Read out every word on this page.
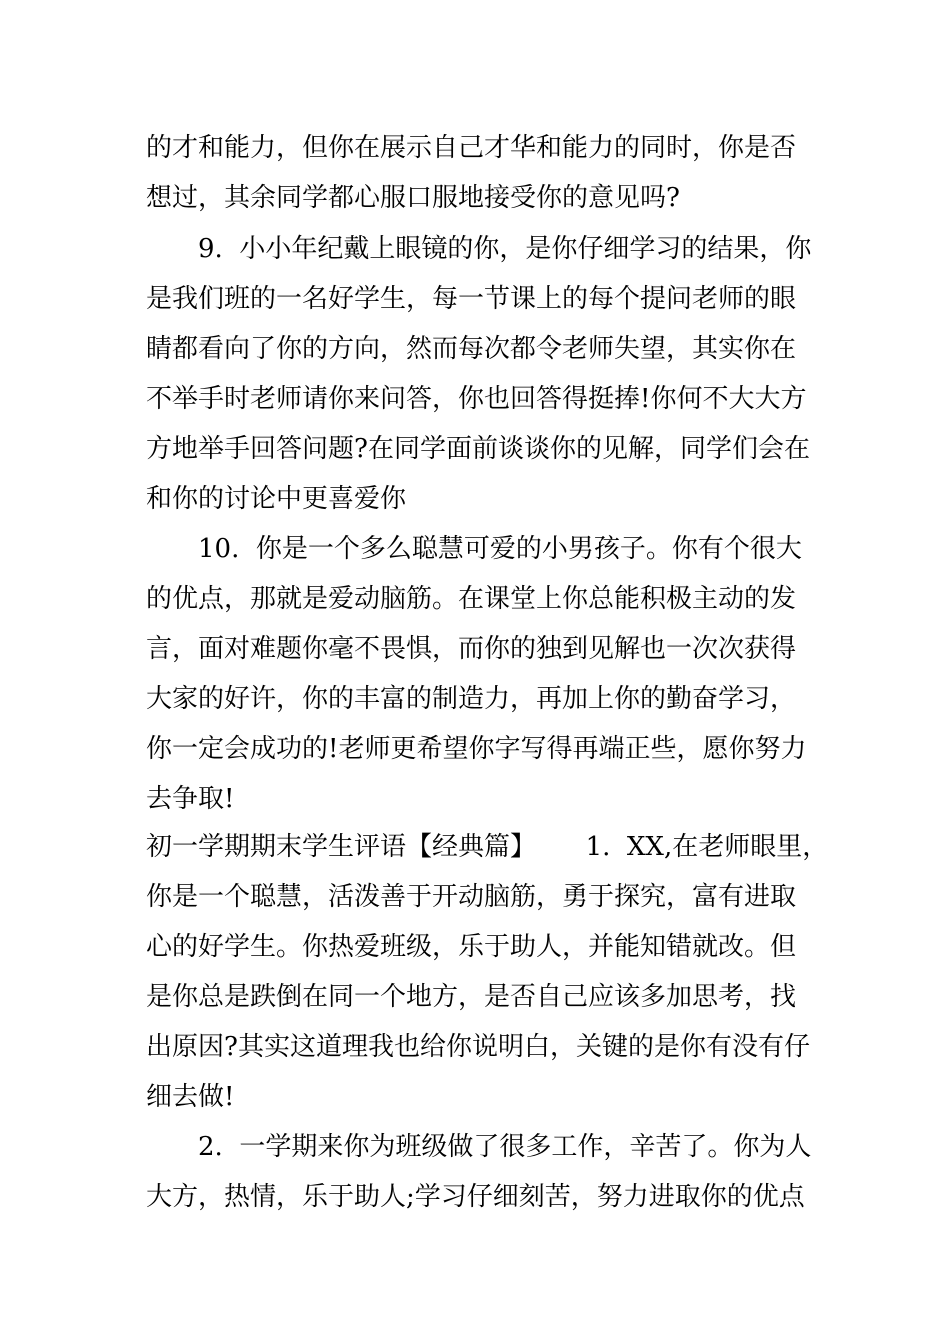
的才和能力，但你在展示自己才华和能力的同时，你是否
想过，其余同学都心服口服地接受你的意见吗?
9.  小小年纪戴上眼镜的你，是你仔细学习的结果，你
是我们班的一名好学生，每一节课上的每个提问老师的眼
睛都看向了你的方向，然而每次都令老师失望，其实你在
不举手时老师请你来问答，你也回答得挺捧!你何不大大方
方地举手回答问题?在同学面前谈谈你的见解，同学们会在
和你的讨论中更喜爱你
10.  你是一个多么聪慧可爱的小男孩子。你有个很大
的优点，那就是爱动脑筋。在课堂上你总能积极主动的发
言，面对难题你毫不畏惧，而你的独到见解也一次次获得
大家的好许，你的丰富的制造力，再加上你的勤奋学习，
你一定会成功的!老师更希望你字写得再端正些，愿你努力
去争取!
初一学期期末学生评语【经典篇】      1.  XX,在老师眼里，
你是一个聪慧，活泼善于开动脑筋，勇于探究，富有进取
心的好学生。你热爱班级，乐于助人，并能知错就改。但
是你总是跌倒在同一个地方，是否自己应该多加思考，找
出原因?其实这道理我也给你说明白，关键的是你有没有仔
细去做!
2.  一学期来你为班级做了很多工作，辛苦了。你为人
大方，热情，乐于助人;学习仔细刻苦，努力进取你的优点
